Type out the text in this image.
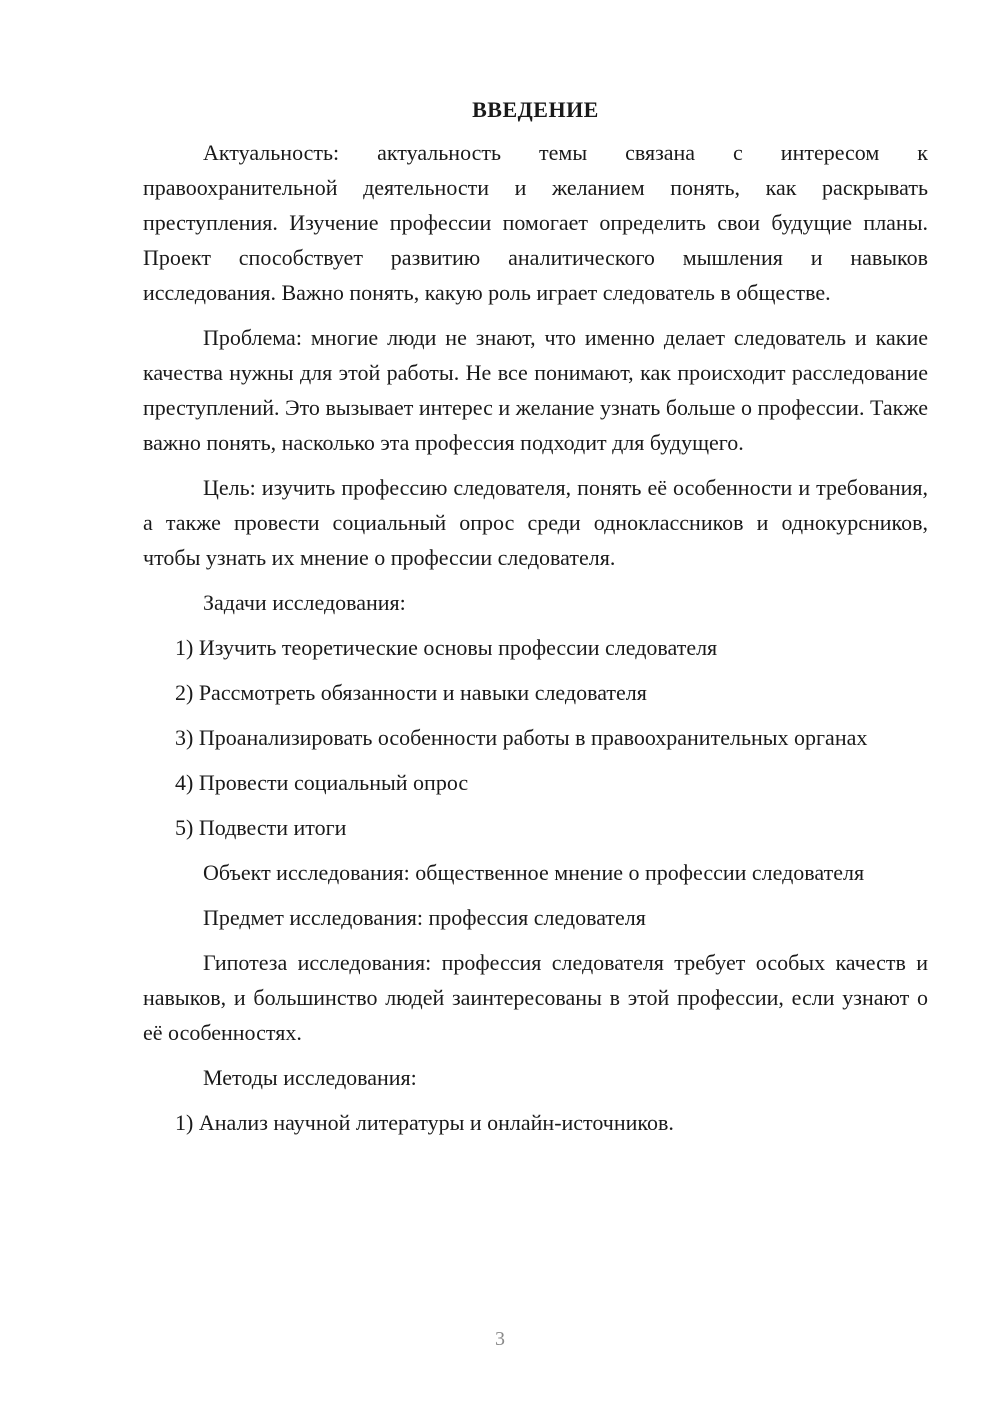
ВВЕДЕНИЕ

Актуальность: актуальность темы связана с интересом к правоохранительной деятельности и желанием понять, как раскрывать преступления. Изучение профессии помогает определить свои будущие планы. Проект способствует развитию аналитического мышления и навыков исследования. Важно понять, какую роль играет следователь в обществе.

Проблема: многие люди не знают, что именно делает следователь и какие качества нужны для этой работы. Не все понимают, как происходит расследование преступлений. Это вызывает интерес и желание узнать больше о профессии. Также важно понять, насколько эта профессия подходит для будущего.

Цель: изучить профессию следователя, понять её особенности и требования, а также провести социальный опрос среди одноклассников и однокурсников, чтобы узнать их мнение о профессии следователя.

Задачи исследования:

1) Изучить теоретические основы профессии следователя

2) Рассмотреть обязанности и навыки следователя

3) Проанализировать особенности работы в правоохранительных органах

4) Провести социальный опрос

5) Подвести итоги

Объект исследования: общественное мнение о профессии следователя

Предмет исследования: профессия следователя

Гипотеза исследования: профессия следователя требует особых качеств и навыков, и большинство людей заинтересованы в этой профессии, если узнают о её особенностях.

Методы исследования:

1) Анализ научной литературы и онлайн-источников.

3
